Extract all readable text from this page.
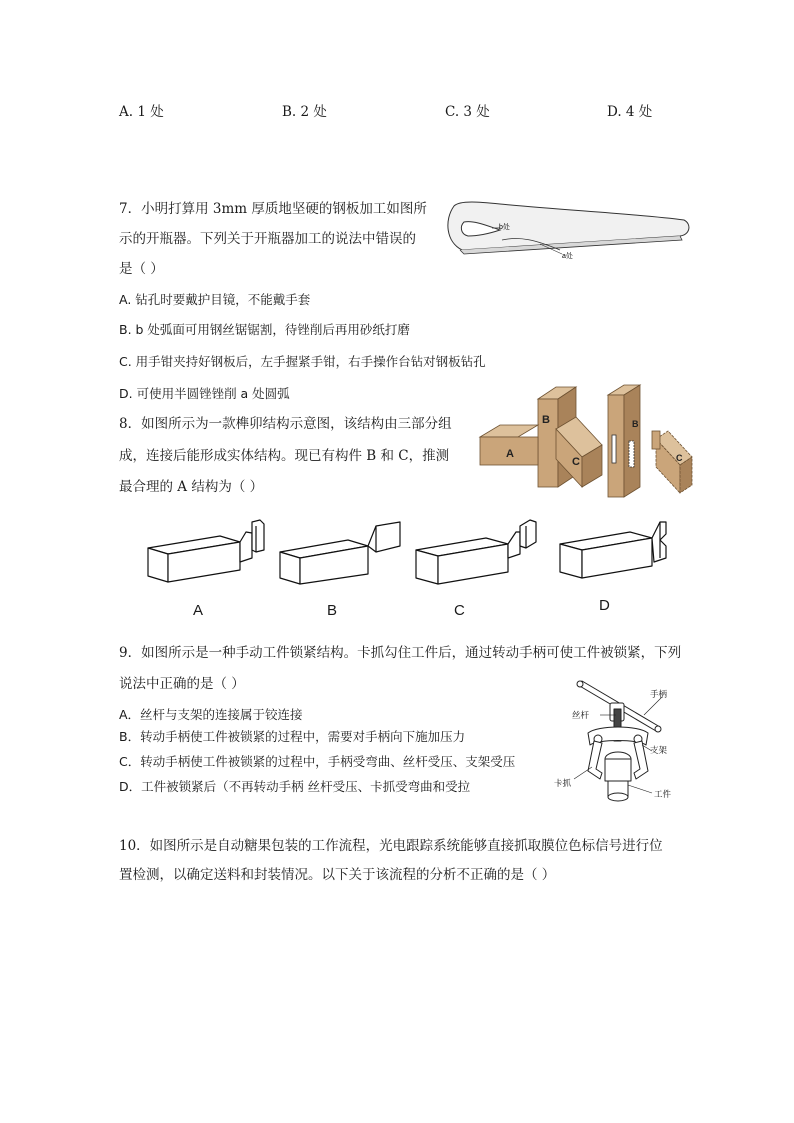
A. 1 处	B. 2 处	C. 3 处	D. 4 处
7．小明打算用 3mm 厚质地坚硬的钢板加工如图所
示的开瓶器。下列关于开瓶器加工的说法中错误的
是（ ）
A. 钻孔时要戴护目镜，不能戴手套
B. b 处弧面可用钢丝锯锯割，待锉削后再用砂纸打磨
C. 用手钳夹持好钢板后，左手握紧手钳，右手操作台钻对钢板钻孔
D. 可使用半圆锉锉削 a 处圆弧
b处
a处
8．如图所示为一款榫卯结构示意图，该结构由三部分组
成，连接后能形成实体结构。现已有构件 B 和 C，推测
最合理的 A 结构为（ ）
A
B
C
B
C
A	B	C	D
9．如图所示是一种手动工件锁紧结构。卡抓勾住工件后，通过转动手柄可使工件被锁紧，下列
说法中正确的是（ ）
A．丝杆与支架的连接属于铰连接
B．转动手柄使工件被锁紧的过程中，需要对手柄向下施加压力
C．转动手柄使工件被锁紧的过程中，手柄受弯曲、丝杆受压、支架受压
D．工件被锁紧后（不再转动手柄 丝杆受压、卡抓受弯曲和受拉
手柄
丝杆
支架
卡抓
工件
10．如图所示是自动糖果包装的工作流程，光电跟踪系统能够直接抓取膜位色标信号进行位
置检测，以确定送料和封装情况。以下关于该流程的分析不正确的是（ ）
